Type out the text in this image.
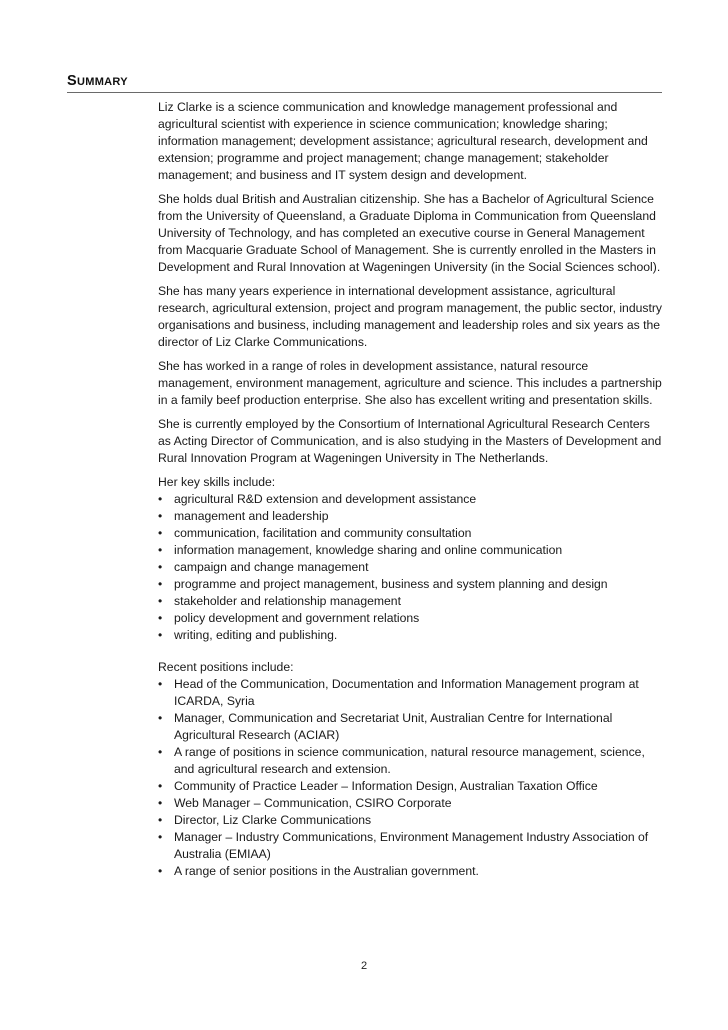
SUMMARY

Liz Clarke is a science communication and knowledge management professional and agricultural scientist with experience in science communication; knowledge sharing; information management; development assistance; agricultural research, development and extension; programme and project management; change management; stakeholder management; and business and IT system design and development.

She holds dual British and Australian citizenship. She has a Bachelor of Agricultural Science from the University of Queensland, a Graduate Diploma in Communication from Queensland University of Technology, and has completed an executive course in General Management from Macquarie Graduate School of Management. She is currently enrolled in the Masters in Development and Rural Innovation at Wageningen University (in the Social Sciences school).

She has many years experience in international development assistance, agricultural research, agricultural extension, project and program management, the public sector, industry organisations and business, including management and leadership roles and six years as the director of Liz Clarke Communications.

She has worked in a range of roles in development assistance, natural resource management, environment management, agriculture and science. This includes a partnership in a family beef production enterprise. She also has excellent writing and presentation skills.

She is currently employed by the Consortium of International Agricultural Research Centers as Acting Director of Communication, and is also studying in the Masters of Development and Rural Innovation Program at Wageningen University in The Netherlands.

Her key skills include:
• agricultural R&D extension and development assistance
• management and leadership
• communication, facilitation and community consultation
• information management, knowledge sharing and online communication
• campaign and change management
• programme and project management, business and system planning and design
• stakeholder and relationship management
• policy development and government relations
• writing, editing and publishing.
Recent positions include:
• Head of the Communication, Documentation and Information Management program at ICARDA, Syria
• Manager, Communication and Secretariat Unit, Australian Centre for International Agricultural Research (ACIAR)
• A range of positions in science communication, natural resource management, science, and agricultural research and extension.
• Community of Practice Leader – Information Design, Australian Taxation Office
• Web Manager – Communication, CSIRO Corporate
• Director, Liz Clarke Communications
• Manager – Industry Communications, Environment Management Industry Association of Australia (EMIAA)
• A range of senior positions in the Australian government.
2
